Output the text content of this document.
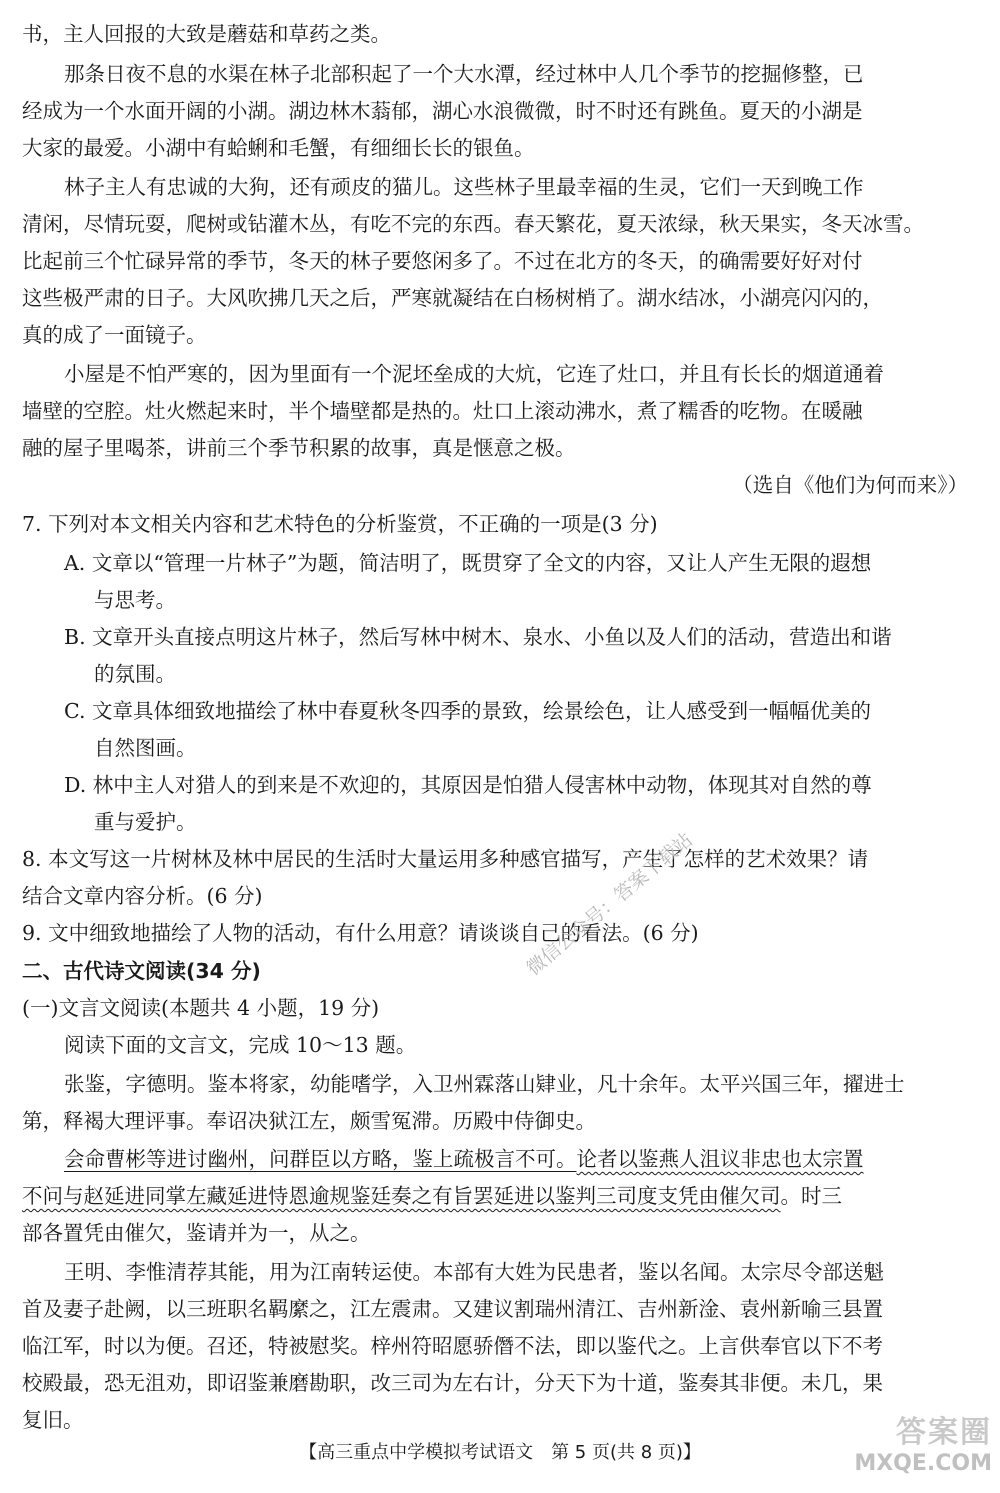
书，主人回报的大致是蘑菇和草药之类。
那条日夜不息的水渠在林子北部积起了一个大水潭，经过林中人几个季节的挖掘修整，已
经成为一个水面开阔的小湖。湖边林木蓊郁，湖心水浪微微，时不时还有跳鱼。夏天的小湖是
大家的最爱。小湖中有蛤蜊和毛蟹，有细细长长的银鱼。
林子主人有忠诚的大狗，还有顽皮的猫儿。这些林子里最幸福的生灵，它们一天到晚工作
清闲，尽情玩耍，爬树或钻灌木丛，有吃不完的东西。春天繁花，夏天浓绿，秋天果实，冬天冰雪。
比起前三个忙碌异常的季节，冬天的林子要悠闲多了。不过在北方的冬天，的确需要好好对付
这些极严肃的日子。大风吹拂几天之后，严寒就凝结在白杨树梢了。湖水结冰，小湖亮闪闪的，
真的成了一面镜子。
小屋是不怕严寒的，因为里面有一个泥坯垒成的大炕，它连了灶口，并且有长长的烟道通着
墙壁的空腔。灶火燃起来时，半个墙壁都是热的。灶口上滚动沸水，煮了糯香的吃物。在暖融
融的屋子里喝茶，讲前三个季节积累的故事，真是惬意之极。
（选自《他们为何而来》）
7. 下列对本文相关内容和艺术特色的分析鉴赏，不正确的一项是(3 分)
A. 文章以“管理一片林子”为题，简洁明了，既贯穿了全文的内容，又让人产生无限的遐想
与思考。
B. 文章开头直接点明这片林子，然后写林中树木、泉水、小鱼以及人们的活动，营造出和谐
的氛围。
C. 文章具体细致地描绘了林中春夏秋冬四季的景致，绘景绘色，让人感受到一幅幅优美的
自然图画。
D. 林中主人对猎人的到来是不欢迎的，其原因是怕猎人侵害林中动物，体现其对自然的尊
重与爱护。
8. 本文写这一片树林及林中居民的生活时大量运用多种感官描写，产生了怎样的艺术效果？请
结合文章内容分析。(6 分)
9. 文中细致地描绘了人物的活动，有什么用意？请谈谈自己的看法。(6 分)
二、古代诗文阅读(34 分)
(一)文言文阅读(本题共 4 小题，19 分)
阅读下面的文言文，完成 10～13 题。
张鉴，字德明。鉴本将家，幼能嗜学，入卫州霖落山肄业，凡十余年。太平兴国三年，擢进士
第，释褐大理评事。奉诏决狱江左，颇雪冤滞。历殿中侍御史。
会命曹彬等进讨幽州，问群臣以方略，鉴上疏极言不可。论者以鉴燕人沮议非忠也太宗置
不问与赵延进同掌左藏延进恃恩逾规鉴廷奏之有旨罢延进以鉴判三司度支凭由催欠司。时三
部各置凭由催欠，鉴请并为一，从之。
王明、李惟清荐其能，用为江南转运使。本部有大姓为民患者，鉴以名闻。太宗尽令部送魁
首及妻子赴阙，以三班职名羁縻之，江左震肃。又建议割瑞州清江、吉州新淦、袁州新喻三县置
临江军，时以为便。召还，特被慰奖。梓州符昭愿骄僭不法，即以鉴代之。上言供奉官以下不考
校殿最，恐无沮劝，即诏鉴兼磨勘职，改三司为左右计，分天下为十道，鉴奏其非便。未几，果
复旧。
【高三重点中学模拟考试语文　第 5 页(共 8 页)】
微信公众号：答案下载站
答案圈
MXQE.COM
